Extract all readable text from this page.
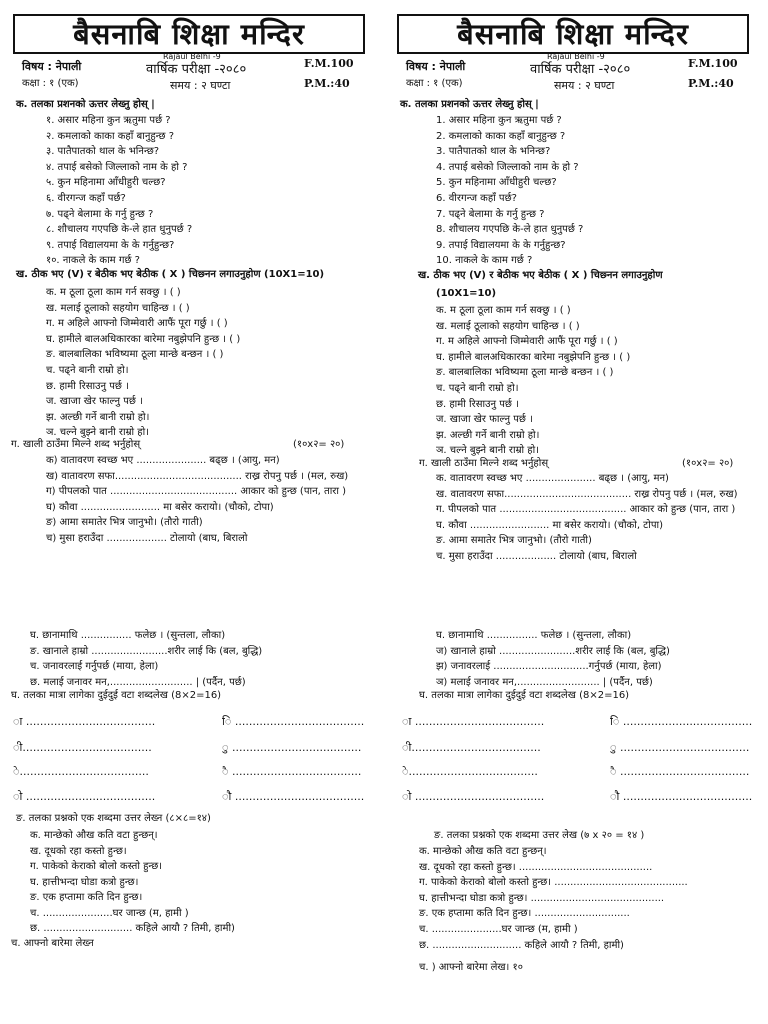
बैसनाबि शिक्षा मन्दिर
Rajaul Belhi -9
विषय : नेपाली	वार्षिक परीक्षा -२०८०	F.M.100
कक्षा : १ (एक)	समय : २ घण्टा	P.M.:40
क. तलका प्रशनको ऊत्तर लेख्नु होस् |
१. असार महिना कुन ऋतुमा पर्छ ?
२. कमलाको काका कहाँ बानुहुन्छ ?
३. पातैपातको थाल के भनिन्छ?
४. तपाई बसेको जिल्लाको नाम के हो ?
५. कुन महिनामा आँधीहुरी चल्छ?
६. वीरगन्ज कहाँ पर्छ?
७. पढ्ने बेलामा के गर्नु हुन्छ ?
८. शौचालय गएपछि के-ले हात धुनुपर्छ ?
९. तपाई विद्यालयमा के के गर्नुहुन्छ?
१०. नाकले के काम गर्छ ?
ख. ठीक भए (V) र बेठीक भए बेठीक ( X ) चिछ्नन लगाउनुहोण (10X1=10)
क. म ठूला ठूला काम गर्न सक्छु । ( )
ख. मलाई ठूलाको सहयोग चाहिन्छ । ( )
ग. म अहिले आफ्नो जिम्मेवारी आफैं पूरा गर्छु । ( )
घ. हामीले बालअधिकारका बारेमा नबुझेपनि हुन्छ । ( )
ङ. बालबालिका भविष्यमा ठूला मान्छे बन्छन । ( )
च. पढ्ने बानी राम्रो हो।
छ. हामी रिसाउनु पर्छ ।
ज. खाजा खेर फाल्नु पर्छ ।
झ. अल्छी गर्ने बानी राम्रो हो।
ञ. चल्ने बुझ्ने बानी राम्रो हो।
ग. खाली ठाउँमा मिल्ने शब्द भर्नुहोस्	(१०x२= २०)
क) वातावरण स्वच्छ भए ...................... बढ्छ । (आयु, मन)
ख) वातावरण सफा........................................ राख्र रोपनु पर्छ । (मल, रुख)
ग) पीपलको पात ........................................ आकार को हुन्छ (पान, तारा )
घ) कौवा ......................... मा बसेर करायो। (चौको, टोपा)
ङ) आमा समातेर भित्र जानुभो। (तौरो गाती)
च) मुसा हराउँदा ................... टोलायो (बाघ, बिरालो
घ. छानामाथि ................ फलेछ । (सुन्तला, लौका)
ङ. खानाले हाम्रो ........................शरीर लाई कि (बल, बुद्धि)
च. जनावरलाई गर्नुपर्छ (माया, हेला)
छ. मलाई जनावर मन,.......................... | (पर्दैन, पर्छ)
घ. तलका मात्रा लागेका दुईदुई वटा शब्दलेख (8×2=16)
ा .....................................	ि .....................................
ी.....................................	ु .....................................
े.....................................	ै .....................................
ो .....................................	ौ .....................................
ङ. तलका प्रश्नको एक शब्दमा उत्तर लेख्न (८×८=१४)
क. मान्छेको औख कति वटा हुन्छन्।
ख. दूधको रहा कस्तो हुन्छ।
ग. पाकेको केराको बोलो कस्तो हुन्छ।
घ. हात्तीभन्दा घोडा कत्रो हुन्छ।
ङ. एक हप्तामा कति दिन हुन्छ।
च. ......................घर जान्छ (म, हामी )
छ. ............................ कहिले आयौ ? तिमी, हामी)
च. आफ्नो बारेमा लेख्न
बैसनाबि शिक्षा मन्दिर
Rajaul Belhi -9
विषय : नेपाली	वार्षिक परीक्षा -२०८०	F.M.100
कक्षा : १ (एक)	समय : २ घण्टा	P.M.:40
क. तलका प्रशनको ऊत्तर लेख्नु होस् |
1. असार महिना कुन ऋतुमा पर्छ ?
2. कमलाको काका कहाँ बानुहुन्छ ?
3. पातैपातको थाल के भनिन्छ?
4. तपाई बसेको जिल्लाको नाम के हो ?
5. कुन महिनामा आँधीहुरी चल्छ?
6. वीरगन्ज कहाँ पर्छ?
7. पढ्ने बेलामा के गर्नु हुन्छ ?
8. शौचालय गएपछि के-ले हात धुनुपर्छ ?
9. तपाई विद्यालयमा के के गर्नुहुन्छ?
10. नाकले के काम गर्छ ?
ख. ठीक भए (V) र बेठीक भए बेठीक ( X ) चिछ्नन लगाउनुहोण
(10X1=10)
क. म ठूला ठूला काम गर्न सक्छु । ( )
ख. मलाई ठूलाको सहयोग चाहिन्छ । ( )
ग. म अहिले आफ्नो जिम्मेवारी आफैं पूरा गर्छु । ( )
घ. हामीले बालअधिकारका बारेमा नबुझेपनि हुन्छ । ( )
ङ. बालबालिका भविष्यमा ठूला मान्छे बन्छन । ( )
च. पढ्ने बानी राम्रो हो।
छ. हामी रिसाउनु पर्छ ।
ज. खाजा खेर फाल्नु पर्छ ।
झ. अल्छी गर्ने बानी राम्रो हो।
ञ. चल्ने बुझ्ने बानी राम्रो हो।
ग. खाली ठाउँमा मिल्ने शब्द भर्नुहोस्	(१०x२= २०)
क. वातावरण स्वच्छ भए ...................... बढ्छ । (आयु, मन)
ख. वातावरण सफा........................................ राख्र रोपनु पर्छ । (मल, रुख)
ग. पीपलको पात ........................................ आकार को हुन्छ (पान, तारा )
घ. कौवा ......................... मा बसेर करायो। (चौको, टोपा)
ङ. आमा समातेर भित्र जानुभो। (तौरो गाती)
च. मुसा हराउँदा ................... टोलायो (बाघ, बिरालो
घ. छानामाथि ................ फलेछ । (सुन्तला, लौका)
ज) खानाले हाम्रो ........................शरीर लाई कि (बल, बुद्धि)
झ) जनावरलाई ..............................गर्नुपर्छ (माया, हेला)
ञ) मलाई जनावर मन,.......................... | (पर्दैन, पर्छ)
घ. तलका मात्रा लागेका दुईदुई वटा शब्दलेख (8×2=16)
ा .....................................	ि .....................................
ी.....................................	ु .....................................
े.....................................	ै .....................................
ो .....................................	ौ .....................................
ङ. तलका प्रश्नको एक शब्दमा उत्तर लेख (७ x २० = १४ )
क. मान्छेको औख कति वटा हुन्छन्।
ख. दूधको रहा कस्तो हुन्छ। ..........................................
ग. पाकेको केराको बोलो कस्तो हुन्छ। ..........................................
घ. हात्तीभन्दा घोडा कत्रो हुन्छ। ..........................................
ङ. एक हप्तामा कति दिन हुन्छ। ..............................
च. ......................घर जान्छ (म, हामी )
छ. ............................ कहिले आयौ ? तिमी, हामी)
च. ) आफ्नो बारेमा लेख। १०
